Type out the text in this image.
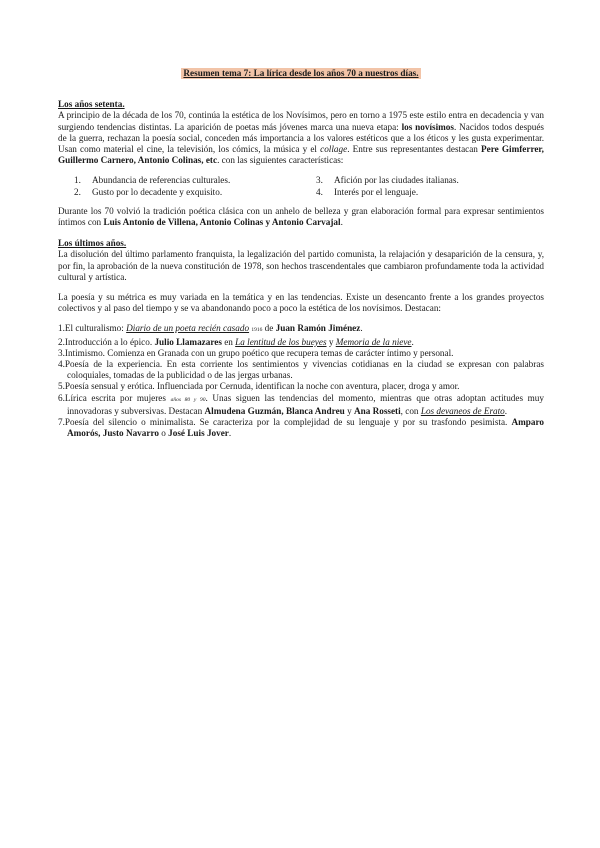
Resumen tema 7: La lírica desde los años 70 a nuestros días.

Los años setenta.

A principio de la década de los 70, continúa la estética de los Novísimos, pero en torno a 1975 este estilo entra en decadencia y van surgiendo tendencias distintas. La aparición de poetas más jóvenes marca una nueva etapa: los novísimos. Nacidos todos después de la guerra, rechazan la poesía social, conceden más importancia a los valores estéticos que a los éticos y les gusta experimentar. Usan como material el cine, la televisión, los cómics, la música y el collage. Entre sus representantes destacan Pere Gimferrer, Guillermo Carnero, Antonio Colinas, etc. con las siguientes características:

1.	Abundancia de referencias culturales.	3.	Afición por las ciudades italianas.
2.	Gusto por lo decadente y exquisito.	4.	Interés por el lenguaje.

Durante los 70 volvió la tradición poética clásica con un anhelo de belleza y gran elaboración formal para expresar sentimientos íntimos con Luis Antonio de Villena, Antonio Colinas y Antonio Carvajal.

Los últimos años.

La disolución del último parlamento franquista, la legalización del partido comunista, la relajación y desaparición de la censura, y, por fin, la aprobación de la nueva constitución de 1978, son hechos trascendentales que cambiaron profundamente toda la actividad cultural y artística.

La poesía y su métrica es muy variada en la temática y en las tendencias. Existe un desencanto frente a los grandes proyectos colectivos y al paso del tiempo y se va abandonando poco a poco la estética de los novísimos. Destacan:

1.El culturalismo: Diario de un poeta recién casado 1916 de Juan Ramón Jiménez.
2.Introducción a lo épico. Julio Llamazares en La lentitud de los bueyes y Memoria de la nieve.
3.Intimismo. Comienza en Granada con un grupo poético que recupera temas de carácter íntimo y personal.
4.Poesía de la experiencia. En esta corriente los sentimientos y vivencias cotidianas en la ciudad se expresan con palabras coloquiales, tomadas de la publicidad o de las jergas urbanas.
5.Poesía sensual y erótica. Influenciada por Cernuda, identifican la noche con aventura, placer, droga y amor.
6.Lírica escrita por mujeres años 80 y 90. Unas siguen las tendencias del momento, mientras que otras adoptan actitudes muy innovadoras y subversivas. Destacan Almudena Guzmán, Blanca Andreu y Ana Rosseti, con Los devaneos de Erato.
7.Poesía del silencio o minimalista. Se caracteriza por la complejidad de su lenguaje y por su trasfondo pesimista. Amparo Amorós, Justo Navarro o José Luis Jover.
